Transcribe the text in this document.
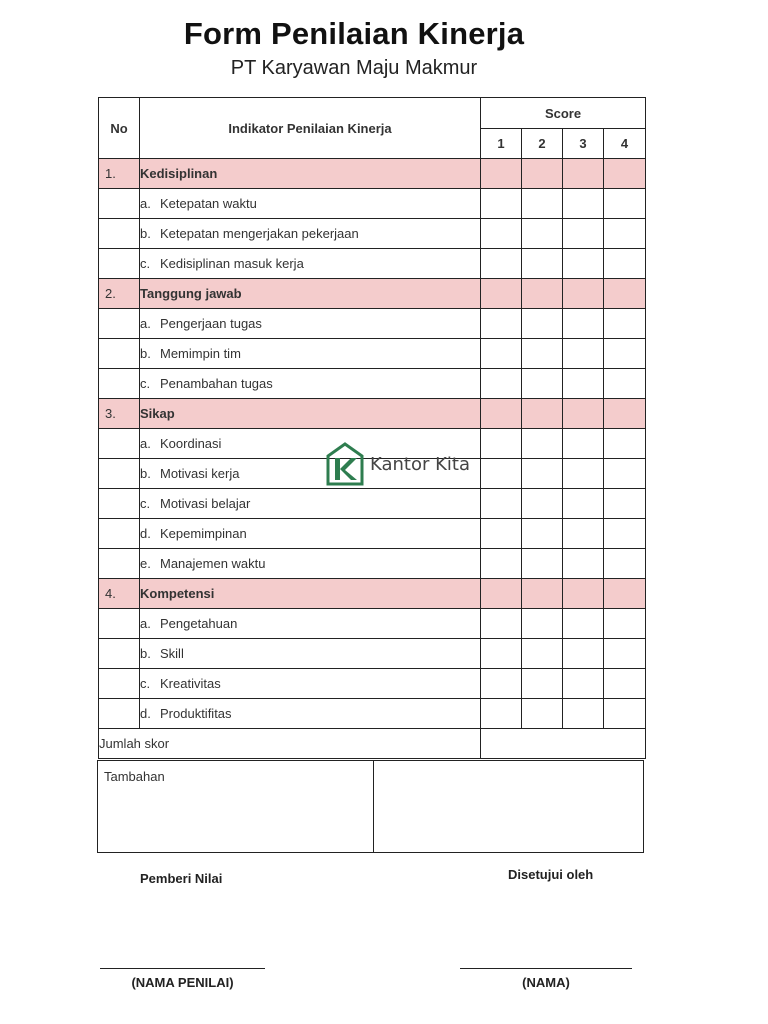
Form Penilaian Kinerja
PT Karyawan Maju Makmur
No	Indikator Penilaian Kinerja	Score			
		1	2	3	4
1.	Kedisiplinan				
	a. Ketepatan waktu				
	b. Ketepatan mengerjakan pekerjaan				
	c. Kedisiplinan masuk kerja				
2.	Tanggung jawab				
	a. Pengerjaan tugas				
	b. Memimpin tim				
	c. Penambahan tugas				
3.	Sikap				
	a. Koordinasi				
	b. Motivasi kerja				
	c. Motivasi belajar				
	d. Kepemimpinan				
	e. Manajemen waktu				
4.	Kompetensi				
	a. Pengetahuan				
	b. Skill				
	c. Kreativitas				
	d. Produktifitas				
Jumlah skor					
Tambahan
Pemberi Nilai	Disetujui oleh
(NAMA PENILAI)	(NAMA)
Kantor Kita
